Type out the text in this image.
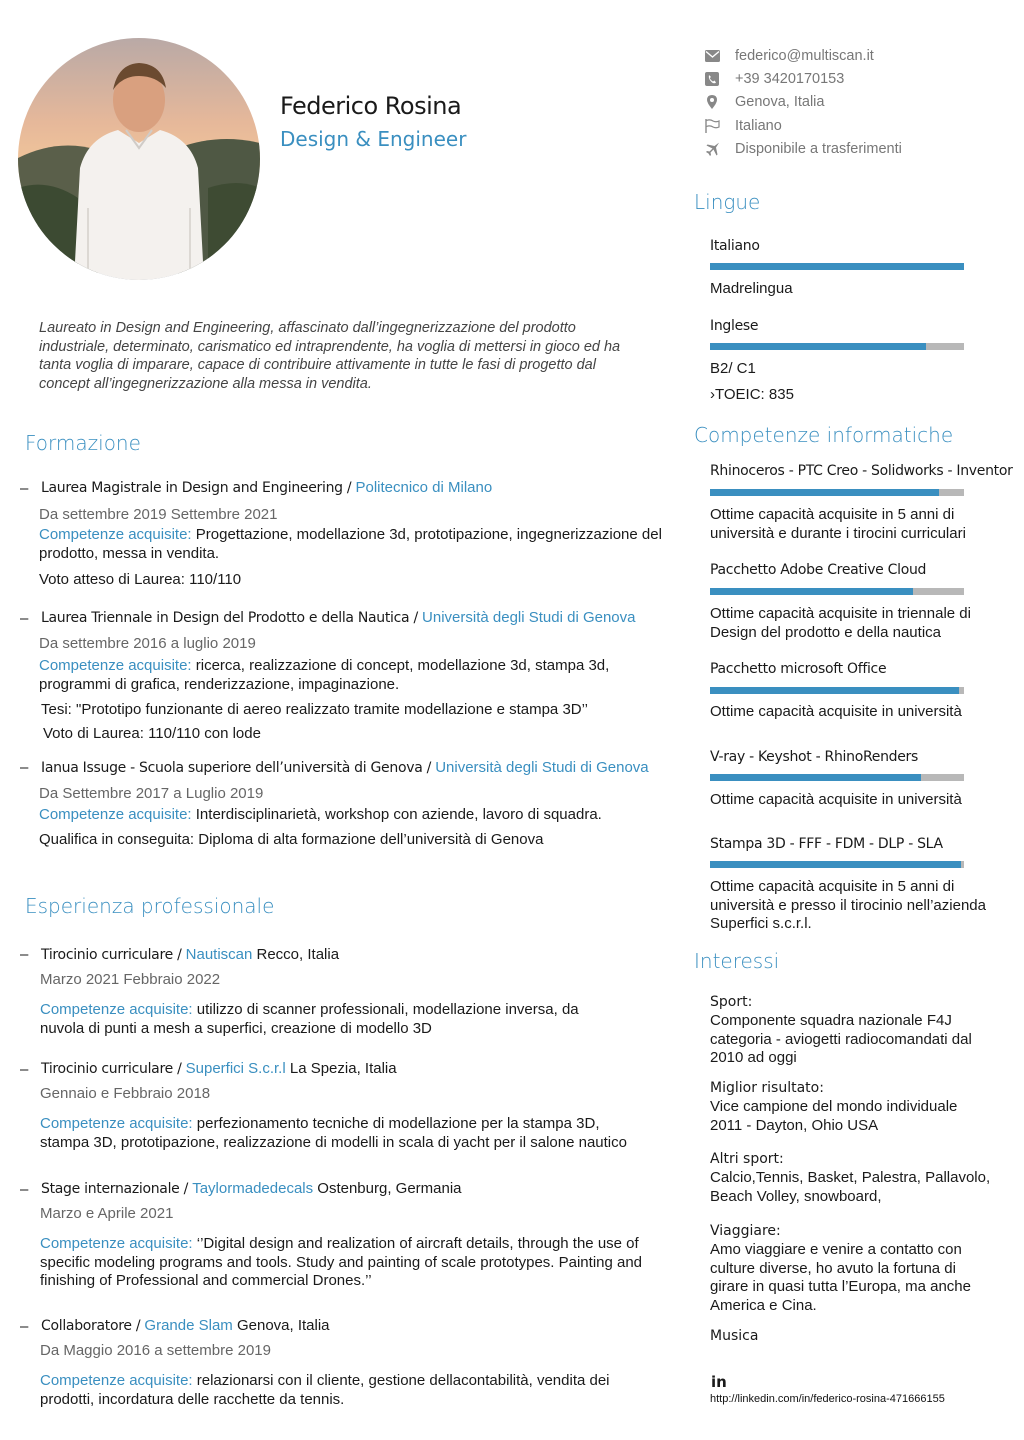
Federico Rosina
Design & Engineer
federico@multiscan.it
+39 3420170153
Genova, Italia
Italiano
Disponibile a trasferimenti
Laureato in Design and Engineering, affascinato dall’ingegnerizzazione del prodotto industriale, determinato, carismatico ed intraprendente, ha voglia di mettersi in gioco ed ha tanta voglia di imparare, capace di contribuire attivamente in tutte le fasi di progetto dal concept all’ingegnerizzazione alla messa in vendita.
Formazione
– Laurea Magistrale in Design and Engineering / Politecnico di Milano
Da settembre 2019 Settembre 2021
Competenze acquisite: Progettazione, modellazione 3d, prototipazione, ingegnerizzazione del prodotto, messa in vendita.
Voto atteso di Laurea: 110/110
– Laurea Triennale in Design del Prodotto e della Nautica / Università degli Studi di Genova
Da settembre 2016 a luglio 2019
Competenze acquisite: ricerca, realizzazione di concept, modellazione 3d, stampa 3d, programmi di grafica, renderizzazione, impaginazione.
Tesi: "Prototipo funzionante di aereo realizzato tramite modellazione e stampa 3D’’
Voto di Laurea: 110/110 con lode
– Ianua Issuge - Scuola superiore dell’università di Genova / Università degli Studi di Genova
Da Settembre 2017 a Luglio 2019
Competenze acquisite: Interdisciplinarietà, workshop con aziende, lavoro di squadra.
Qualifica in conseguita: Diploma di alta formazione dell’università di Genova
Esperienza professionale
– Tirocinio curriculare / Nautiscan Recco, Italia
Marzo 2021 Febbraio 2022
Competenze acquisite: utilizzo di scanner professionali, modellazione inversa, da nuvola di punti a mesh a superfici, creazione di modello 3D
– Tirocinio curriculare / Superfici S.c.r.l La Spezia, Italia
Gennaio e Febbraio 2018
Competenze acquisite: perfezionamento tecniche di modellazione per la stampa 3D, stampa 3D, prototipazione, realizzazione di modelli in scala di yacht per il salone nautico
– Stage internazionale / Taylormadedecals Ostenburg, Germania
Marzo e Aprile 2021
Competenze acquisite: ‘’Digital design and realization of aircraft details, through the use of specific modeling programs and tools. Study and painting of scale prototypes. Painting and finishing of Professional and commercial Drones.’’
– Collaboratore / Grande Slam Genova, Italia
Da Maggio 2016 a settembre 2019
Competenze acquisite: relazionarsi con il cliente, gestione dellacontabilità, vendita dei prodotti, incordatura delle racchette da tennis.
Lingue
Italiano
Madrelingua
Inglese
B2/ C1
›TOEIC: 835
Competenze informatiche
Rhinoceros - PTC Creo - Solidworks - Inventor
Ottime capacità acquisite in 5 anni di università e durante i tirocini curriculari
Pacchetto Adobe Creative Cloud
Ottime capacità acquisite in triennale di Design del prodotto e della nautica
Pacchetto microsoft Office
Ottime capacità acquisite in università
V-ray - Keyshot - RhinoRenders
Ottime capacità acquisite in università
Stampa 3D - FFF - FDM - DLP - SLA
Ottime capacità acquisite in 5 anni di università e presso il tirocinio nell’azienda Superfici s.c.r.l.
Interessi
Sport:
Componente squadra nazionale F4J categoria - aviogetti radiocomandati dal 2010 ad oggi
Miglior risultato:
Vice campione del mondo individuale 2011 - Dayton, Ohio USA
Altri sport:
Calcio,Tennis, Basket, Palestra, Pallavolo, Beach Volley, snowboard,
Viaggiare:
Amo viaggiare e venire a contatto con culture diverse, ho avuto la fortuna di girare in quasi tutta l’Europa, ma anche America e Cina.
Musica
in
http://linkedin.com/in/federico-rosina-471666155
